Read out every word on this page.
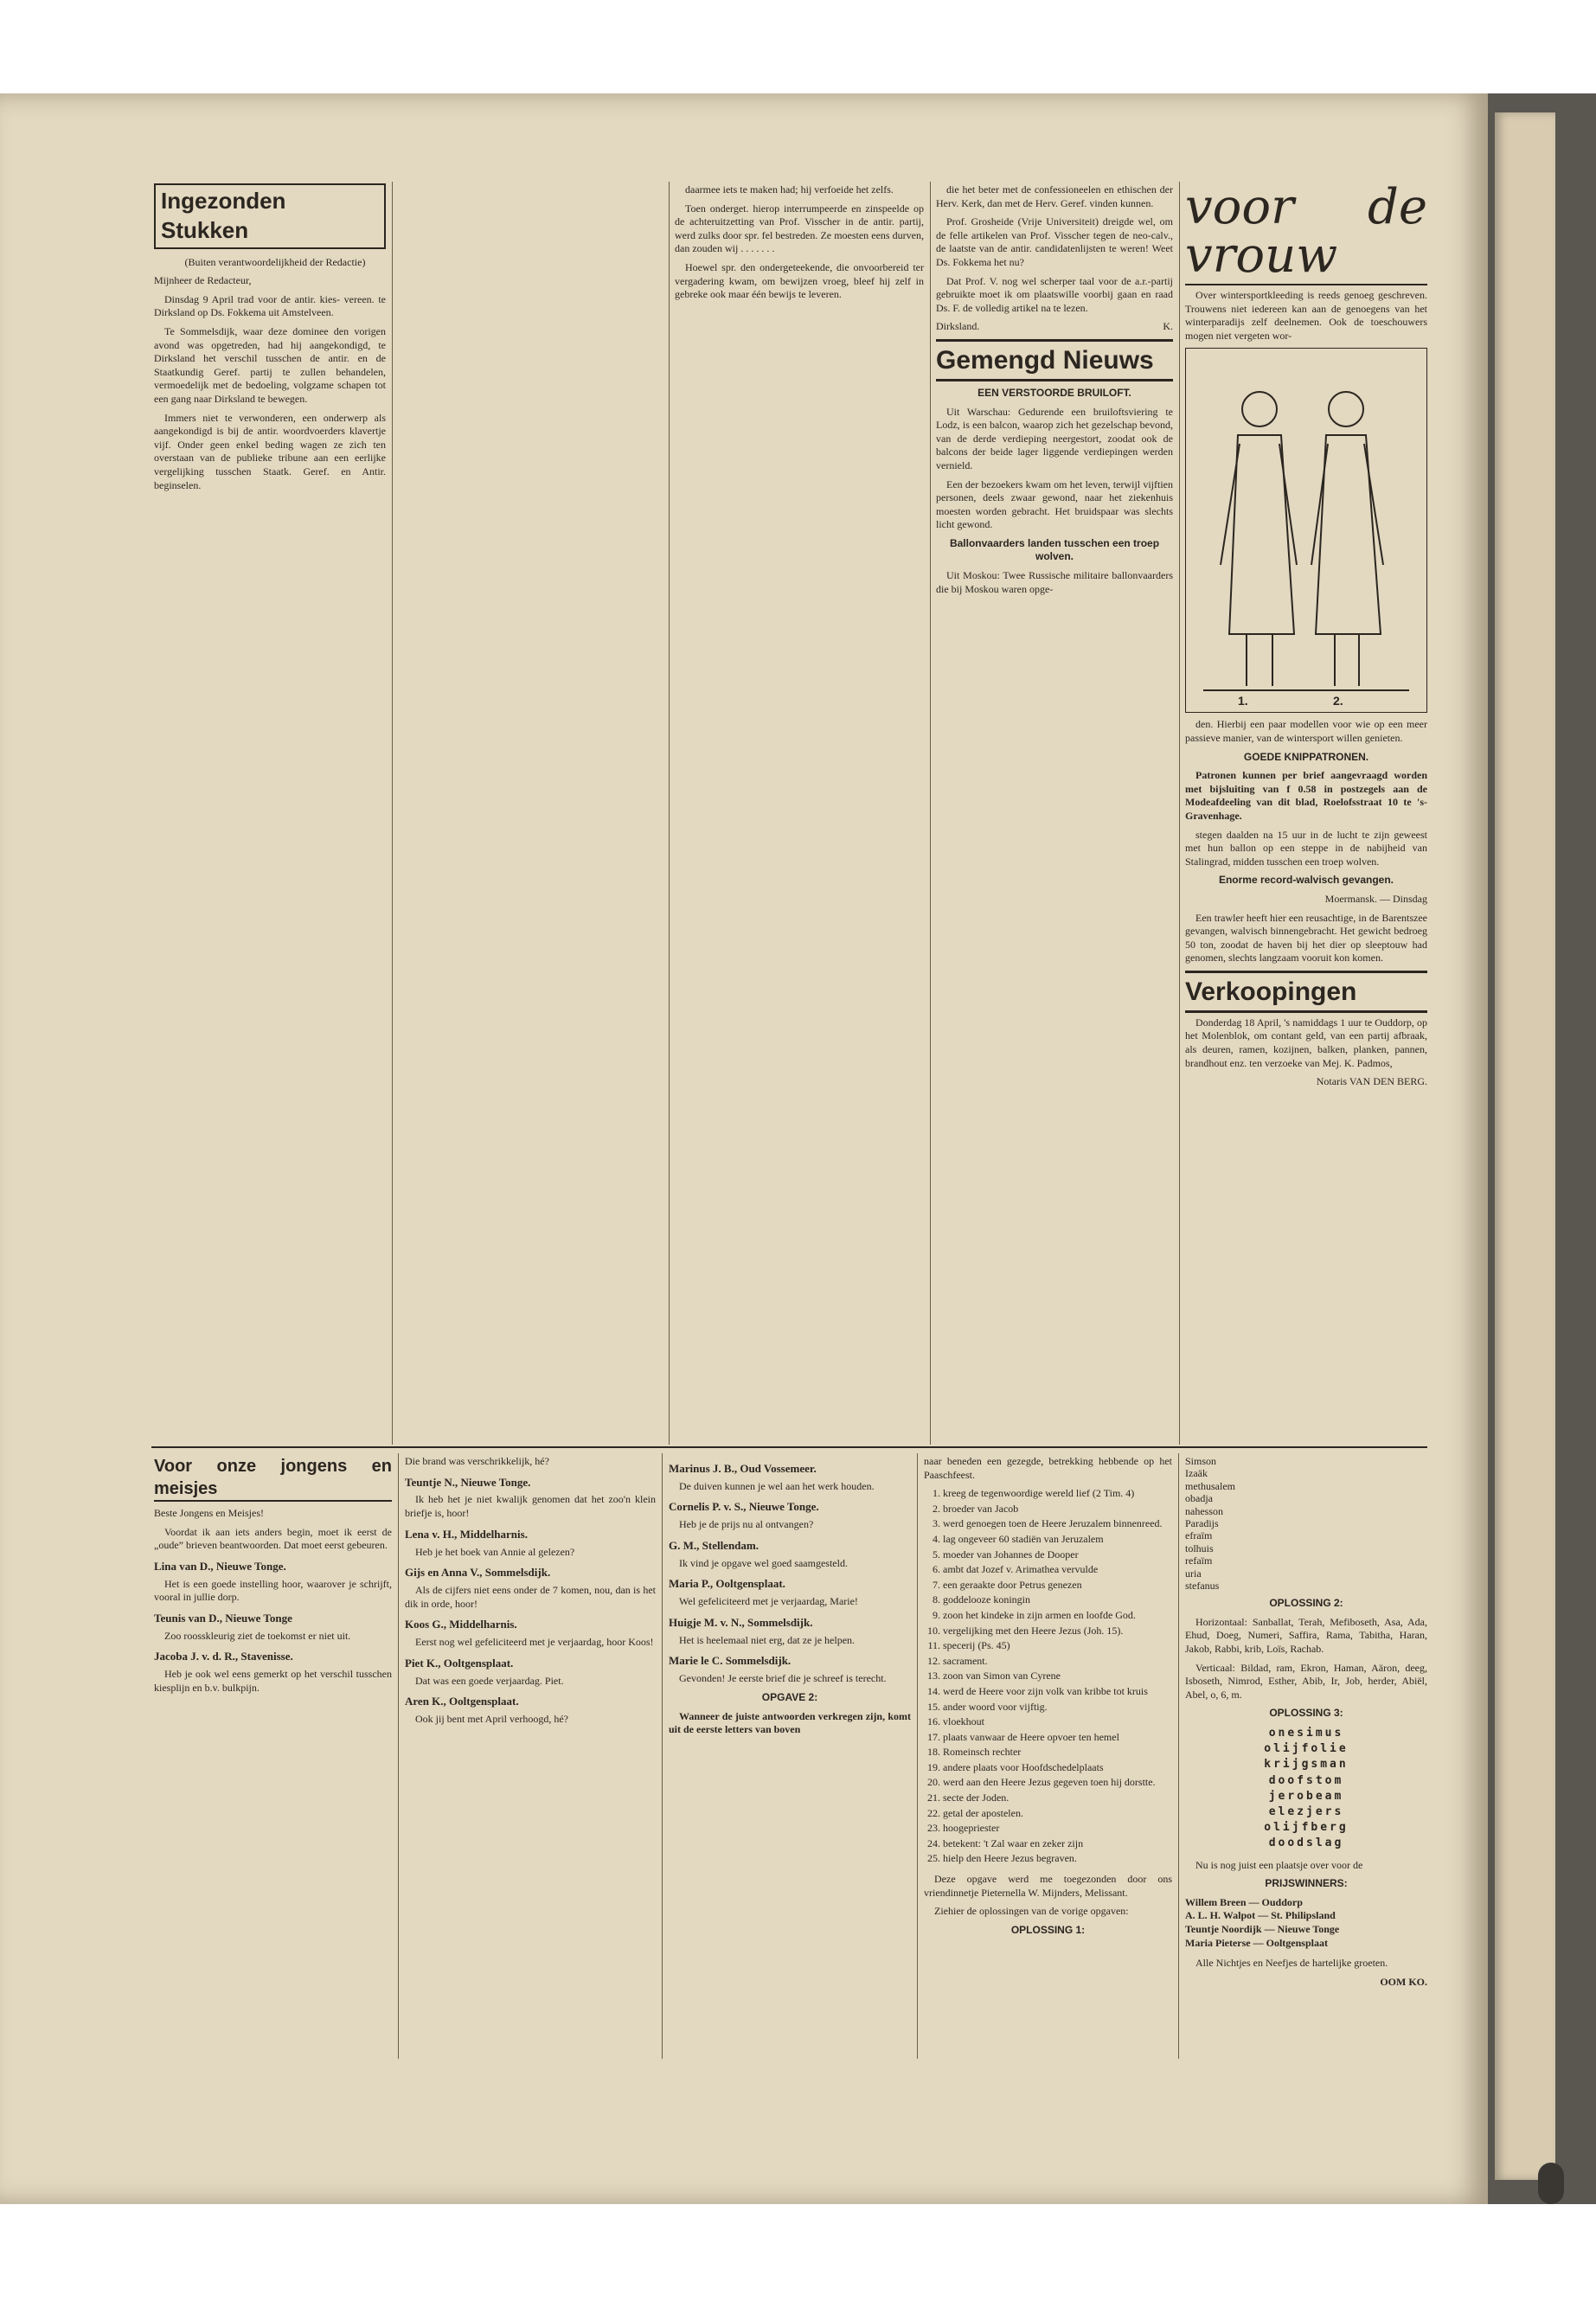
Ingezonden Stukken

(Buiten verantwoordelijkheid der Redactie)

Mijnheer de Redacteur,

Dinsdag 9 April trad voor de antir. kies- vereen. te Dirksland op Ds. Fokkema uit Amstelveen.

Te Sommelsdijk, waar deze dominee den vorigen avond was opgetreden, had hij aangekondigd, te Dirksland het verschil tusschen de antir. en de Staatkundig Geref. partij te zullen behandelen, vermoedelijk met de bedoeling, volgzame schapen tot een gang naar Dirksland te bewegen.

Immers niet te verwonderen, een onderwerp als aangekondigd is bij de antir. woordvoerders klavertje vijf. Onder geen enkel beding wagen ze zich ten overstaan van de publieke tribune aan een eerlijke vergelijking tusschen Staatk. Geref. en Antir. beginselen.

daarmee iets te maken had; hij verfoeide het zelfs.

Toen onderget. hierop interrumpeerde en zinspeelde op de achteruitzetting van Prof. Visscher in de antir. partij, werd zulks door spr. fel bestreden. Ze moesten eens durven, dan zouden wij . . . . . . .

Hoewel spr. den ondergeteekende, die onvoorbereid ter vergadering kwam, om bewijzen vroeg, bleef hij zelf in gebreke ook maar één bewijs te leveren.

die het beter met de confessioneelen en ethischen der Herv. Kerk, dan met de Herv. Geref. vinden kunnen.

Prof. Grosheide (Vrije Universiteit) dreigde wel, om de felle artikelen van Prof. Visscher tegen de neo-calv., de laatste van de antir. candidatenlijsten te weren! Weet Ds. Fokkema het nu?

Dat Prof. V. nog wel scherper taal voor de a.r.-partij gebruikte moet ik om plaatswille voorbij gaan en raad Ds. F. de volledig artikel na te lezen.

Dirksland.	K.

Gemengd Nieuws
EEN VERSTOORDE BRUILOFT.

Uit Warschau: Gedurende een bruiloftsviering te Lodz, is een balcon, waarop zich het gezelschap bevond, van de derde verdieping neergestort, zoodat ook de balcons der beide lager liggende verdiepingen werden vernield.

Een der bezoekers kwam om het leven, terwijl vijftien personen, deels zwaar gewond, naar het ziekenhuis moesten worden gebracht. Het bruidspaar was slechts licht gewond.

Ballonvaarders landen tusschen een troep wolven.

Uit Moskou: Twee Russische militaire ballonvaarders die bij Moskou waren opge-

voor de vrouw

Over wintersportkleeding is reeds genoeg geschreven. Trouwens niet iedereen kan aan de genoegens van het winterparadijs zelf deelnemen. Ook de toeschouwers mogen niet vergeten wor-

1.	2.

den. Hierbij een paar modellen voor wie op een meer passieve manier, van de wintersport willen genieten.

GOEDE KNIPPATRONEN.

Patronen kunnen per brief aangevraagd worden met bijsluiting van f 0.58 in postzegels aan de Modeafdeeling van dit blad, Roelofsstraat 10 te 's-Gravenhage.

stegen daalden na 15 uur in de lucht te zijn geweest met hun ballon op een steppe in de nabijheid van Stalingrad, midden tusschen een troep wolven.

Enorme record-walvisch gevangen.

Moermansk. — Dinsdag

Een trawler heeft hier een reusachtige, in de Barentszee gevangen, walvisch binnengebracht. Het gewicht bedroeg 50 ton, zoodat de haven bij het dier op sleeptouw had genomen, slechts langzaam vooruit kon komen.

Verkoopingen

Donderdag 18 April, 's namiddags 1 uur te Ouddorp, op het Molenblok, om contant geld, van een partij afbraak, als deuren, ramen, kozijnen, balken, planken, pannen, brandhout enz. ten verzoeke van Mej. K. Padmos,

Notaris VAN DEN BERG.

Voor onze jongens en meisjes

Beste Jongens en Meisjes!

Voordat ik aan iets anders begin, moet ik eerst de „oude” brieven beantwoorden. Dat moet eerst gebeuren.

Lina van D., Nieuwe Tonge.

Het is een goede instelling hoor, waarover je schrijft, vooral in jullie dorp.

Teunis van D., Nieuwe Tonge

Zoo roosskleurig ziet de toekomst er niet uit.

Jacoba J. v. d. R., Stavenisse.

Heb je ook wel eens gemerkt op het verschil tusschen kiesplijn en b.v. bulkpijn.

Die brand was verschrikkelijk, hé?

Teuntje N., Nieuwe Tonge.

Ik heb het je niet kwalijk genomen dat het zoo'n klein briefje is, hoor!

Lena v. H., Middelharnis.

Heb je het boek van Annie al gelezen?

Gijs en Anna V., Sommelsdijk.

Als de cijfers niet eens onder de 7 komen, nou, dan is het dik in orde, hoor!

Koos G., Middelharnis.

Eerst nog wel gefeliciteerd met je verjaardag, hoor Koos!

Piet K., Ooltgensplaat.

Dat was een goede verjaardag. Piet.

Aren K., Ooltgensplaat.

Ook jij bent met April verhoogd, hé?

Marinus J. B., Oud Vossemeer.

De duiven kunnen je wel aan het werk houden.

Cornelis P. v. S., Nieuwe Tonge.

Heb je de prijs nu al ontvangen?

G. M., Stellendam.

Ik vind je opgave wel goed saamgesteld.

Maria P., Ooltgensplaat.

Wel gefeliciteerd met je verjaardag, Marie!

Huigje M. v. N., Sommelsdijk.

Het is heelemaal niet erg, dat ze je helpen.

Marie le C. Sommelsdijk.

Gevonden! Je eerste brief die je schreef is terecht.

OPGAVE 2:

Wanneer de juiste antwoorden verkregen zijn, komt uit de eerste letters van boven

naar beneden een gezegde, betrekking hebbende op het Paaschfeest.

1. kreeg de tegenwoordige wereld lief (2 Tim. 4)
2. broeder van Jacob
3. werd genoegen toen de Heere Jeruzalem binnenreed.
4. lag ongeveer 60 stadiën van Jeruzalem
5. moeder van Johannes de Dooper
6. ambt dat Jozef v. Arimathea vervulde
7. een geraakte door Petrus genezen
8. goddelooze koningin
9. zoon het kindeke in zijn armen en loofde God.
10. vergelijking met den Heere Jezus (Joh. 15).
11. specerij (Ps. 45)
12. sacrament.
13. zoon van Simon van Cyrene
14. werd de Heere voor zijn volk van kribbe tot kruis
15. ander woord voor vijftig.
16. vloekhout
17. plaats vanwaar de Heere opvoer ten hemel
18. Romeinsch rechter
19. andere plaats voor Hoofdschedelplaats
20. werd aan den Heere Jezus gegeven toen hij dorstte.
21. secte der Joden.
22. getal der apostelen.
23. hoogepriester
24. betekent: 't Zal waar en zeker zijn
25. hielp den Heere Jezus begraven.

Deze opgave werd me toegezonden door ons vriendinnetje Pieternella W. Mijnders, Melissant.

Ziehier de oplossingen van de vorige opgaven:

OPLOSSING 1:
Simson
Izaäk
methusalem
obadja
nahesson
Paradijs
efraïm
tolhuis
refaïm
uria
stefanus
OPLOSSING 2:

Horizontaal: Sanballat, Terah, Mefiboseth, Asa, Ada, Ehud, Doeg, Numeri, Saffira, Rama, Tabitha, Haran, Jakob, Rabbi, krib, Loïs, Rachab.

Verticaal: Bildad, ram, Ekron, Haman, Aäron, deeg, Isboseth, Nimrod, Esther, Abib, Ir, Job, herder, Abiël, Abel, o, 6, m.

OPLOSSING 3:
onesimus
olijfolie
krijgsman
doofstom
jerobeam
elezjers
olijfberg
doodslag

Nu is nog juist een plaatsje over voor de

PRIJSWINNERS:
Willem Breen — Ouddorp
A. L. H. Walpot — St. Philipsland
Teuntje Noordijk — Nieuwe Tonge
Maria Pieterse — Ooltgensplaat

Alle Nichtjes en Neefjes de hartelijke groeten.

OOM KO.
